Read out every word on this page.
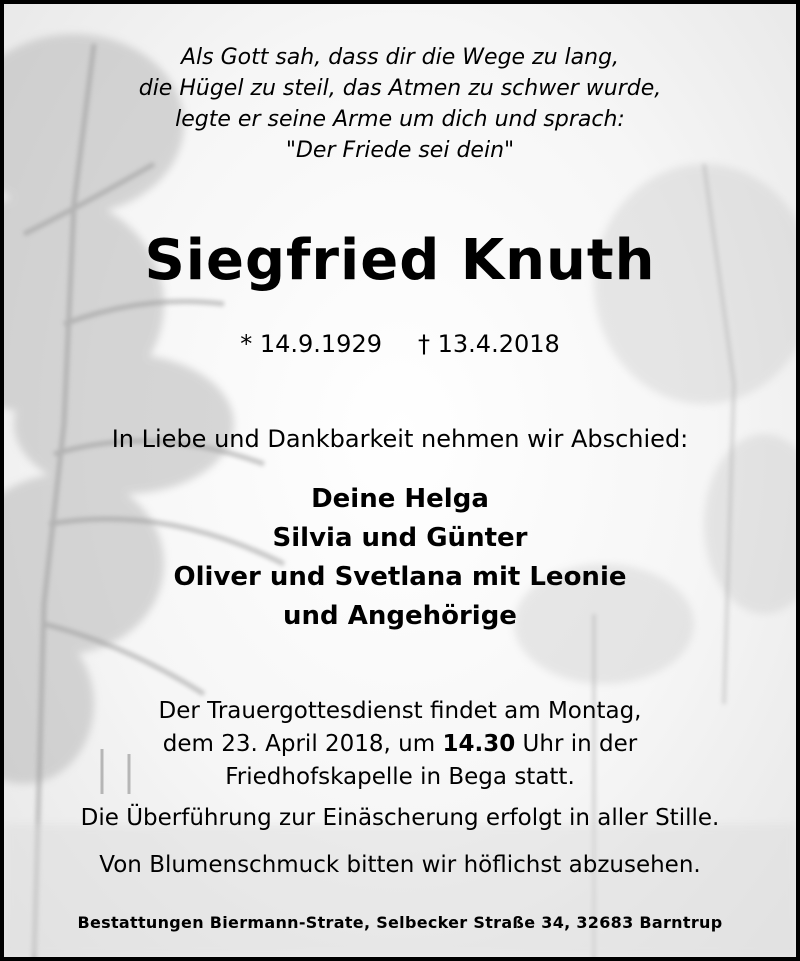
Als Gott sah, dass dir die Wege zu lang,
die Hügel zu steil, das Atmen zu schwer wurde,
legte er seine Arme um dich und sprach:
"Der Friede sei dein"
Siegfried Knuth
* 14.9.1929 † 13.4.2018
In Liebe und Dankbarkeit nehmen wir Abschied:
Deine Helga
Silvia und Günter
Oliver und Svetlana mit Leonie
und Angehörige
Der Trauergottesdienst findet am Montag,
dem 23. April 2018, um 14.30 Uhr in der
Friedhofskapelle in Bega statt.
Die Überführung zur Einäscherung erfolgt in aller Stille.
Von Blumenschmuck bitten wir höflichst abzusehen.
Bestattungen Biermann-Strate, Selbecker Straße 34, 32683 Barntrup
